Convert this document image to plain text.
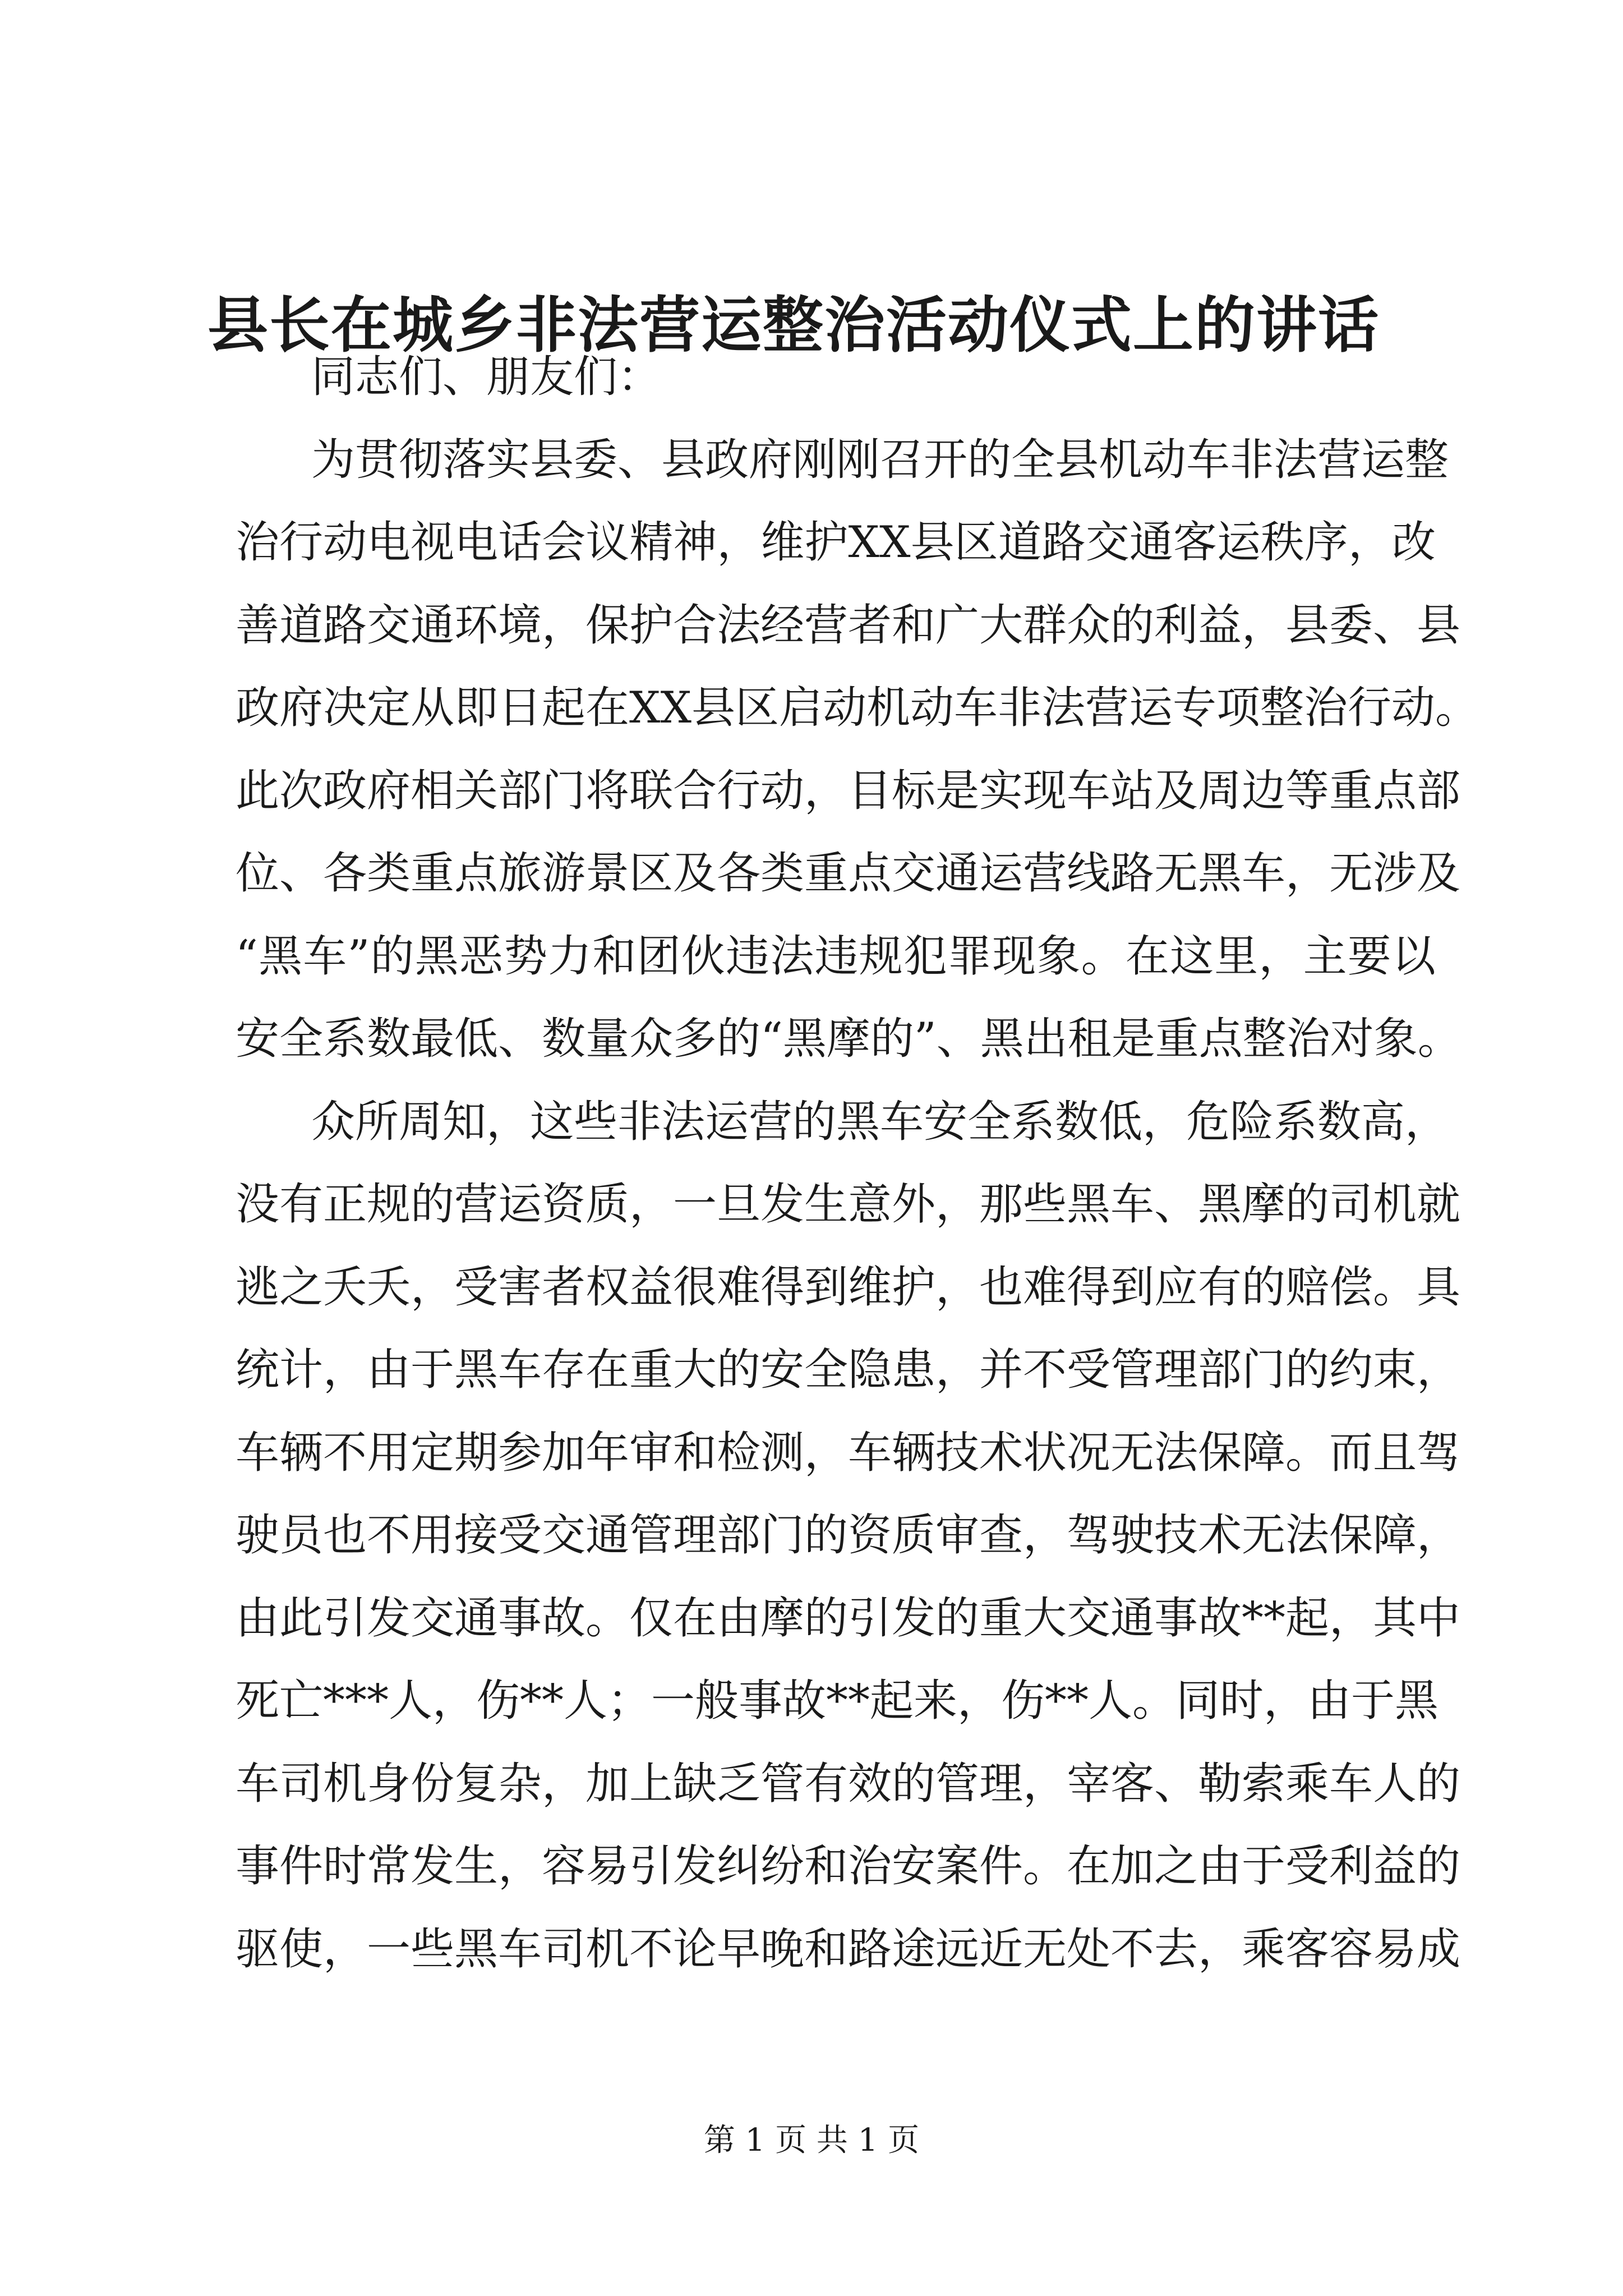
县长在城乡非法营运整治活动仪式上的讲话
同志们、朋友们：
为贯彻落实县委、县政府刚刚召开的全县机动车非法营运整
治行动电视电话会议精神，维护XX县区道路交通客运秩序，改
善道路交通环境，保护合法经营者和广大群众的利益，县委、县
政府决定从即日起在XX县区启动机动车非法营运专项整治行动。
此次政府相关部门将联合行动，目标是实现车站及周边等重点部
位、各类重点旅游景区及各类重点交通运营线路无黑车，无涉及
“黑车”的黑恶势力和团伙违法违规犯罪现象。在这里，主要以
安全系数最低、数量众多的“黑摩的”、黑出租是重点整治对象。
众所周知，这些非法运营的黑车安全系数低，危险系数高，
没有正规的营运资质，一旦发生意外，那些黑车、黑摩的司机就
逃之夭夭，受害者权益很难得到维护，也难得到应有的赔偿。具
统计，由于黑车存在重大的安全隐患，并不受管理部门的约束，
车辆不用定期参加年审和检测，车辆技术状况无法保障。而且驾
驶员也不用接受交通管理部门的资质审查，驾驶技术无法保障，
由此引发交通事故。仅在由摩的引发的重大交通事故**起，其中
死亡***人，伤**人；一般事故**起来，伤**人。同时，由于黑
车司机身份复杂，加上缺乏管有效的管理，宰客、勒索乘车人的
事件时常发生，容易引发纠纷和治安案件。在加之由于受利益的
驱使，一些黑车司机不论早晚和路途远近无处不去，乘客容易成
第 1 页 共 1 页
